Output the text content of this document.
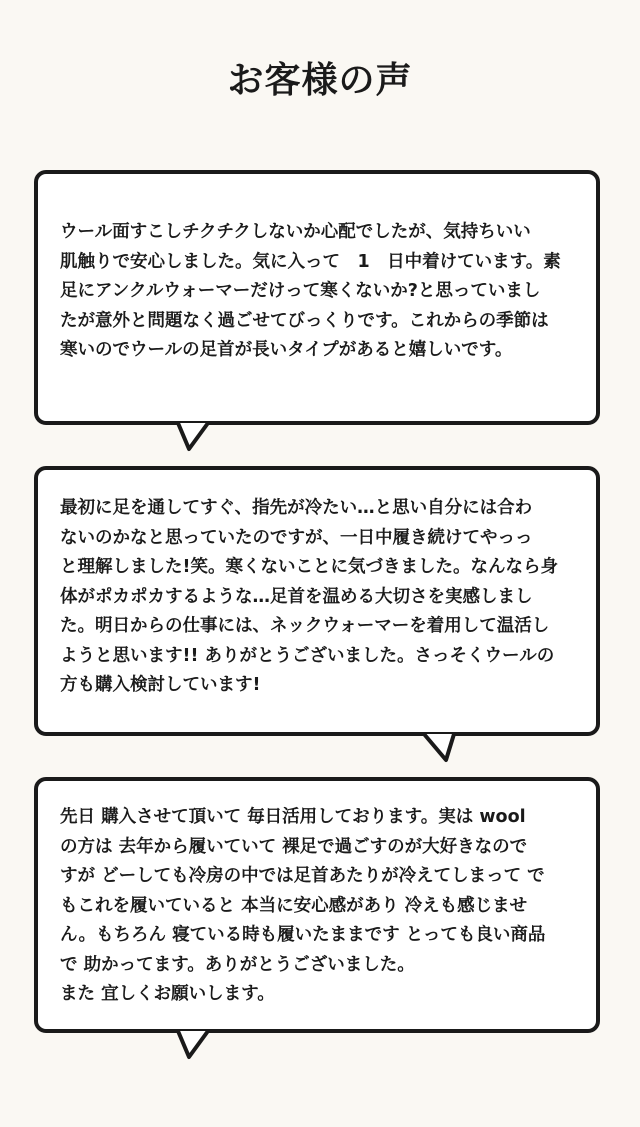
お客様の声
ウール面すこしチクチクしないか心配でしたが、気持ちいい
肌触りで安心しました。気に入って　1　日中着けています。素
足にアンクルウォーマーだけって寒くないか?と思っていまし
たが意外と問題なく過ごせてびっくりです。これからの季節は
寒いのでウールの足首が長いタイプがあると嬉しいです。
最初に足を通してすぐ、指先が冷たい…と思い自分には合わ
ないのかなと思っていたのですが、一日中履き続けてやっっ
と理解しました!笑。寒くないことに気づきました。なんなら身
体がポカポカするような…足首を温める大切さを実感しまし
た。明日からの仕事には、ネックウォーマーを着用して温活し
ようと思います!! ありがとうございました。さっそくウールの
方も購入検討しています!
先日 購入させて頂いて 毎日活用しております。実は wool
の方は 去年から履いていて 裸足で過ごすのが大好きなので
すが どーしても冷房の中では足首あたりが冷えてしまって で
もこれを履いていると 本当に安心感があり 冷えも感じませ
ん。もちろん 寝ている時も履いたままです とっても良い商品
で 助かってます。ありがとうございました。
また 宜しくお願いします。
